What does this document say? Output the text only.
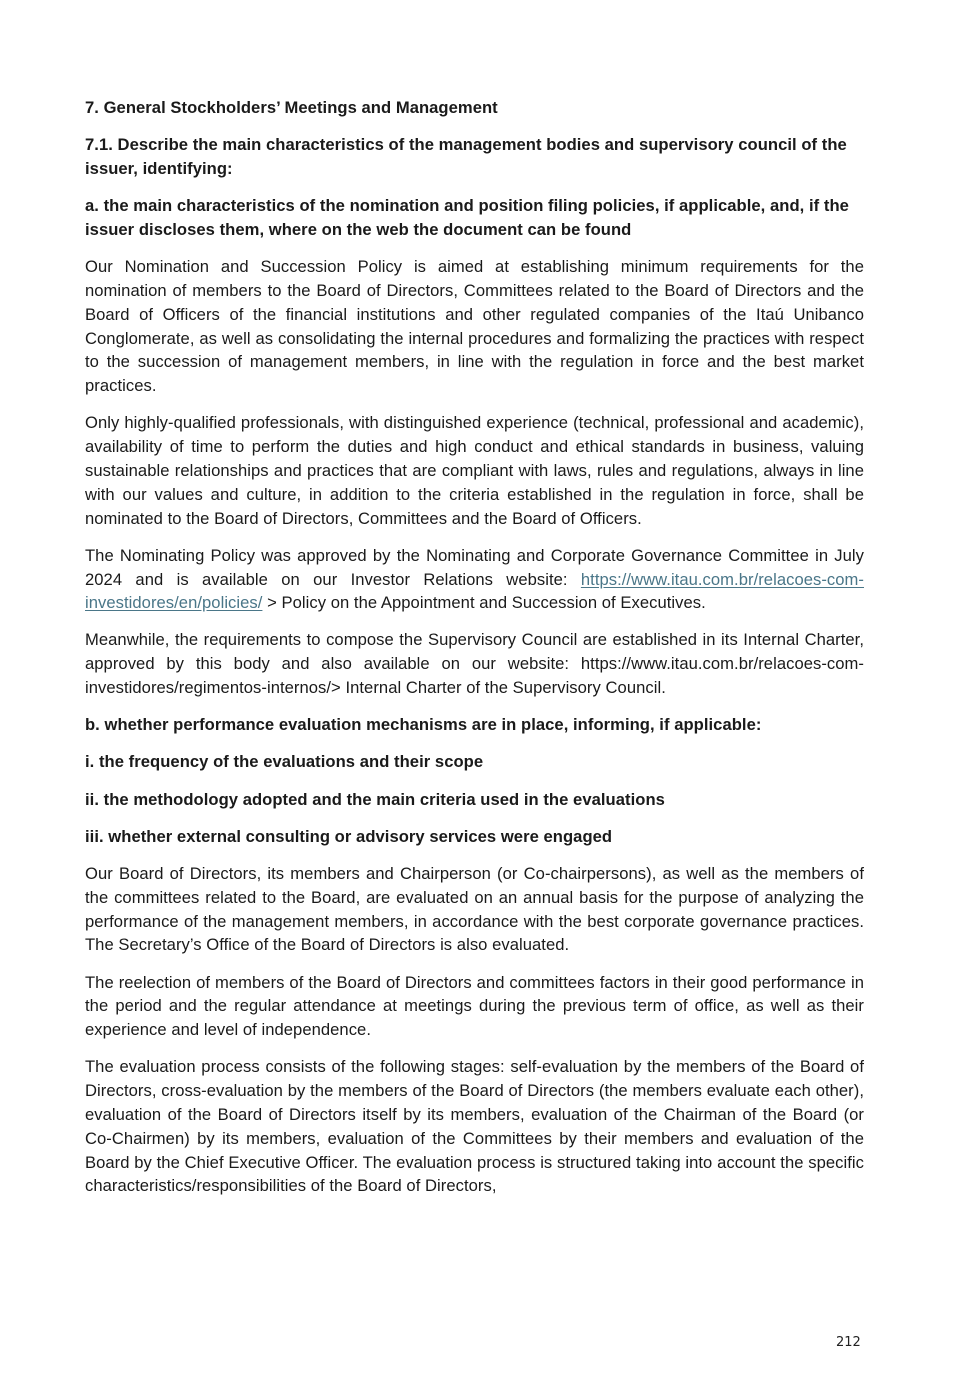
7. General Stockholders’ Meetings and Management
7.1. Describe the main characteristics of the management bodies and supervisory council of the issuer, identifying:
a. the main characteristics of the nomination and position filing policies, if applicable, and, if the issuer discloses them, where on the web the document can be found
Our Nomination and Succession Policy is aimed at establishing minimum requirements for the nomination of members to the Board of Directors, Committees related to the Board of Directors and the Board of Officers of the financial institutions and other regulated companies of the Itaú Unibanco Conglomerate, as well as consolidating the internal procedures and formalizing the practices with respect to the succession of management members, in line with the regulation in force and the best market practices.
Only highly-qualified professionals, with distinguished experience (technical, professional and academic), availability of time to perform the duties and high conduct and ethical standards in business, valuing sustainable relationships and practices that are compliant with laws, rules and regulations, always in line with our values and culture, in addition to the criteria established in the regulation in force, shall be nominated to the Board of Directors, Committees and the Board of Officers.
The Nominating Policy was approved by the Nominating and Corporate Governance Committee in July 2024 and is available on our Investor Relations website: https://www.itau.com.br/relacoes-com-investidores/en/policies/ > Policy on the Appointment and Succession of Executives.
Meanwhile, the requirements to compose the Supervisory Council are established in its Internal Charter, approved by this body and also available on our website: https://www.itau.com.br/relacoes-com-investidores/regimentos-internos/> Internal Charter of the Supervisory Council.
b. whether performance evaluation mechanisms are in place, informing, if applicable:
i. the frequency of the evaluations and their scope
ii. the methodology adopted and the main criteria used in the evaluations
iii. whether external consulting or advisory services were engaged
Our Board of Directors, its members and Chairperson (or Co-chairpersons), as well as the members of the committees related to the Board, are evaluated on an annual basis for the purpose of analyzing the performance of the management members, in accordance with the best corporate governance practices. The Secretary’s Office of the Board of Directors is also evaluated.
The reelection of members of the Board of Directors and committees factors in their good performance in the period and the regular attendance at meetings during the previous term of office, as well as their experience and level of independence.
The evaluation process consists of the following stages: self-evaluation by the members of the Board of Directors, cross-evaluation by the members of the Board of Directors (the members evaluate each other), evaluation of the Board of Directors itself by its members, evaluation of the Chairman of the Board (or Co-Chairmen) by its members, evaluation of the Committees by their members and evaluation of the Board by the Chief Executive Officer. The evaluation process is structured taking into account the specific characteristics/responsibilities of the Board of Directors,
212
